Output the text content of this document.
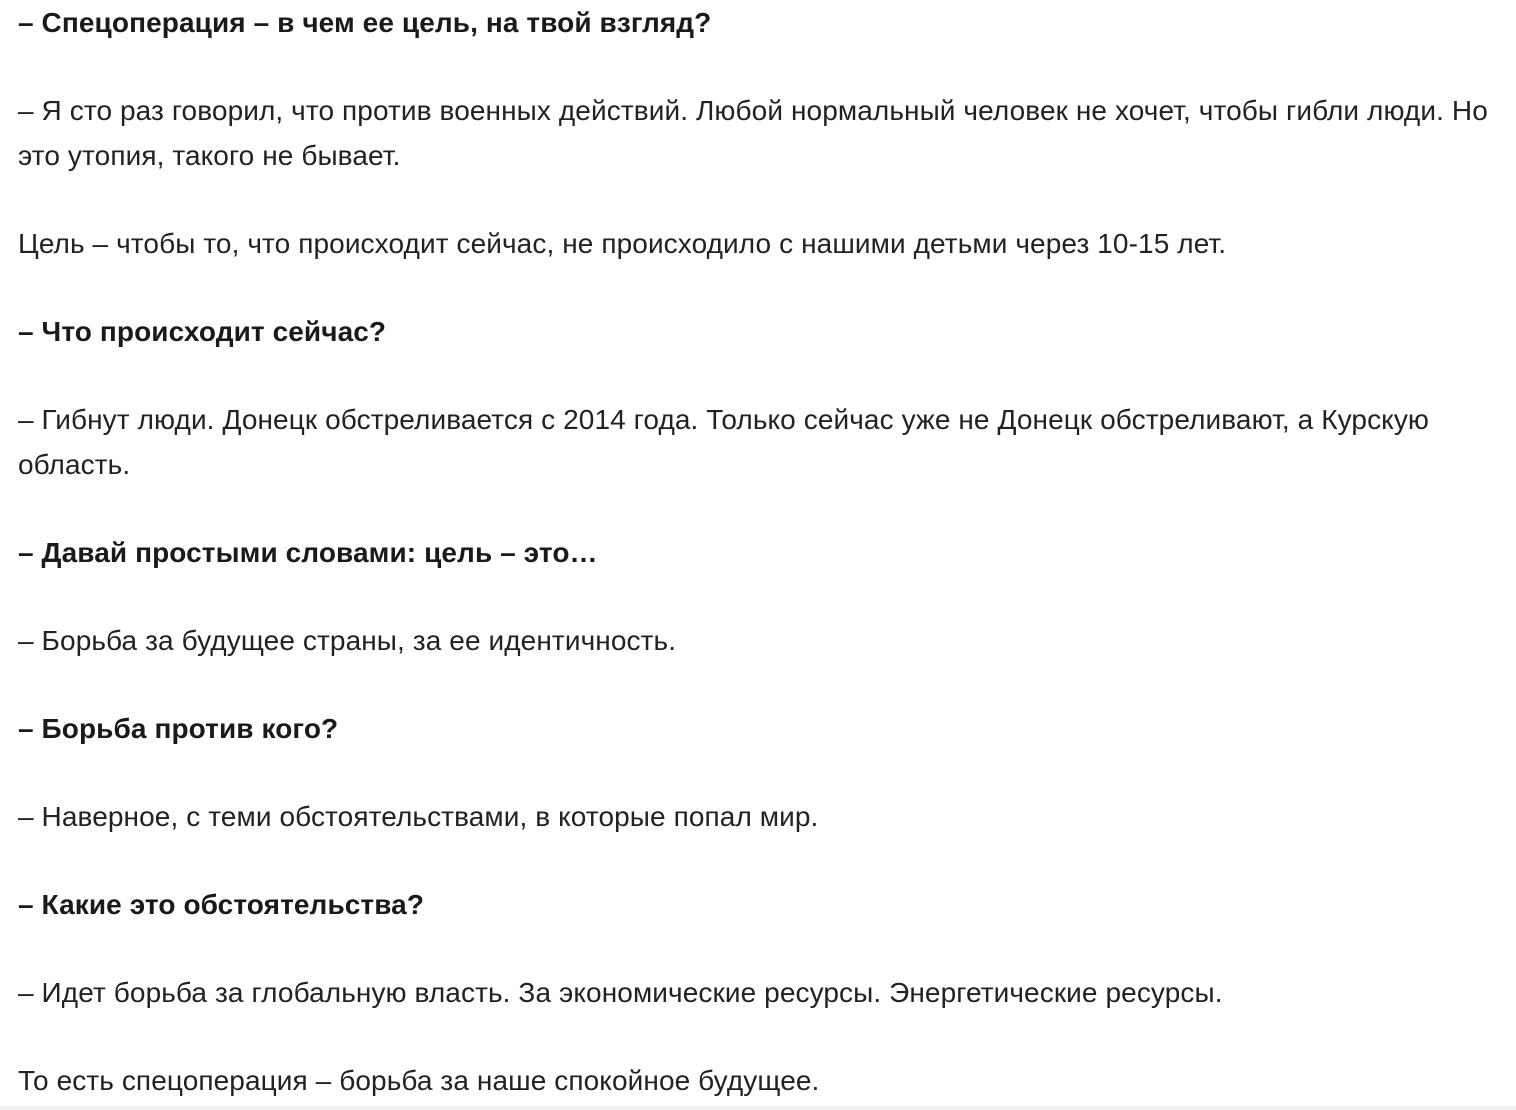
– Спецоперация – в чем ее цель, на твой взгляд?

– Я сто раз говорил, что против военных действий. Любой нормальный человек не хочет, чтобы гибли люди. Но это утопия, такого не бывает.

Цель – чтобы то, что происходит сейчас, не происходило с нашими детьми через 10-15 лет.

– Что происходит сейчас?

– Гибнут люди. Донецк обстреливается с 2014 года. Только сейчас уже не Донецк обстреливают, а Курскую область.

– Давай простыми словами: цель – это…

– Борьба за будущее страны, за ее идентичность.

– Борьба против кого?

– Наверное, с теми обстоятельствами, в которые попал мир.

– Какие это обстоятельства?

– Идет борьба за глобальную власть. За экономические ресурсы. Энергетические ресурсы.

То есть спецоперация – борьба за наше спокойное будущее.
